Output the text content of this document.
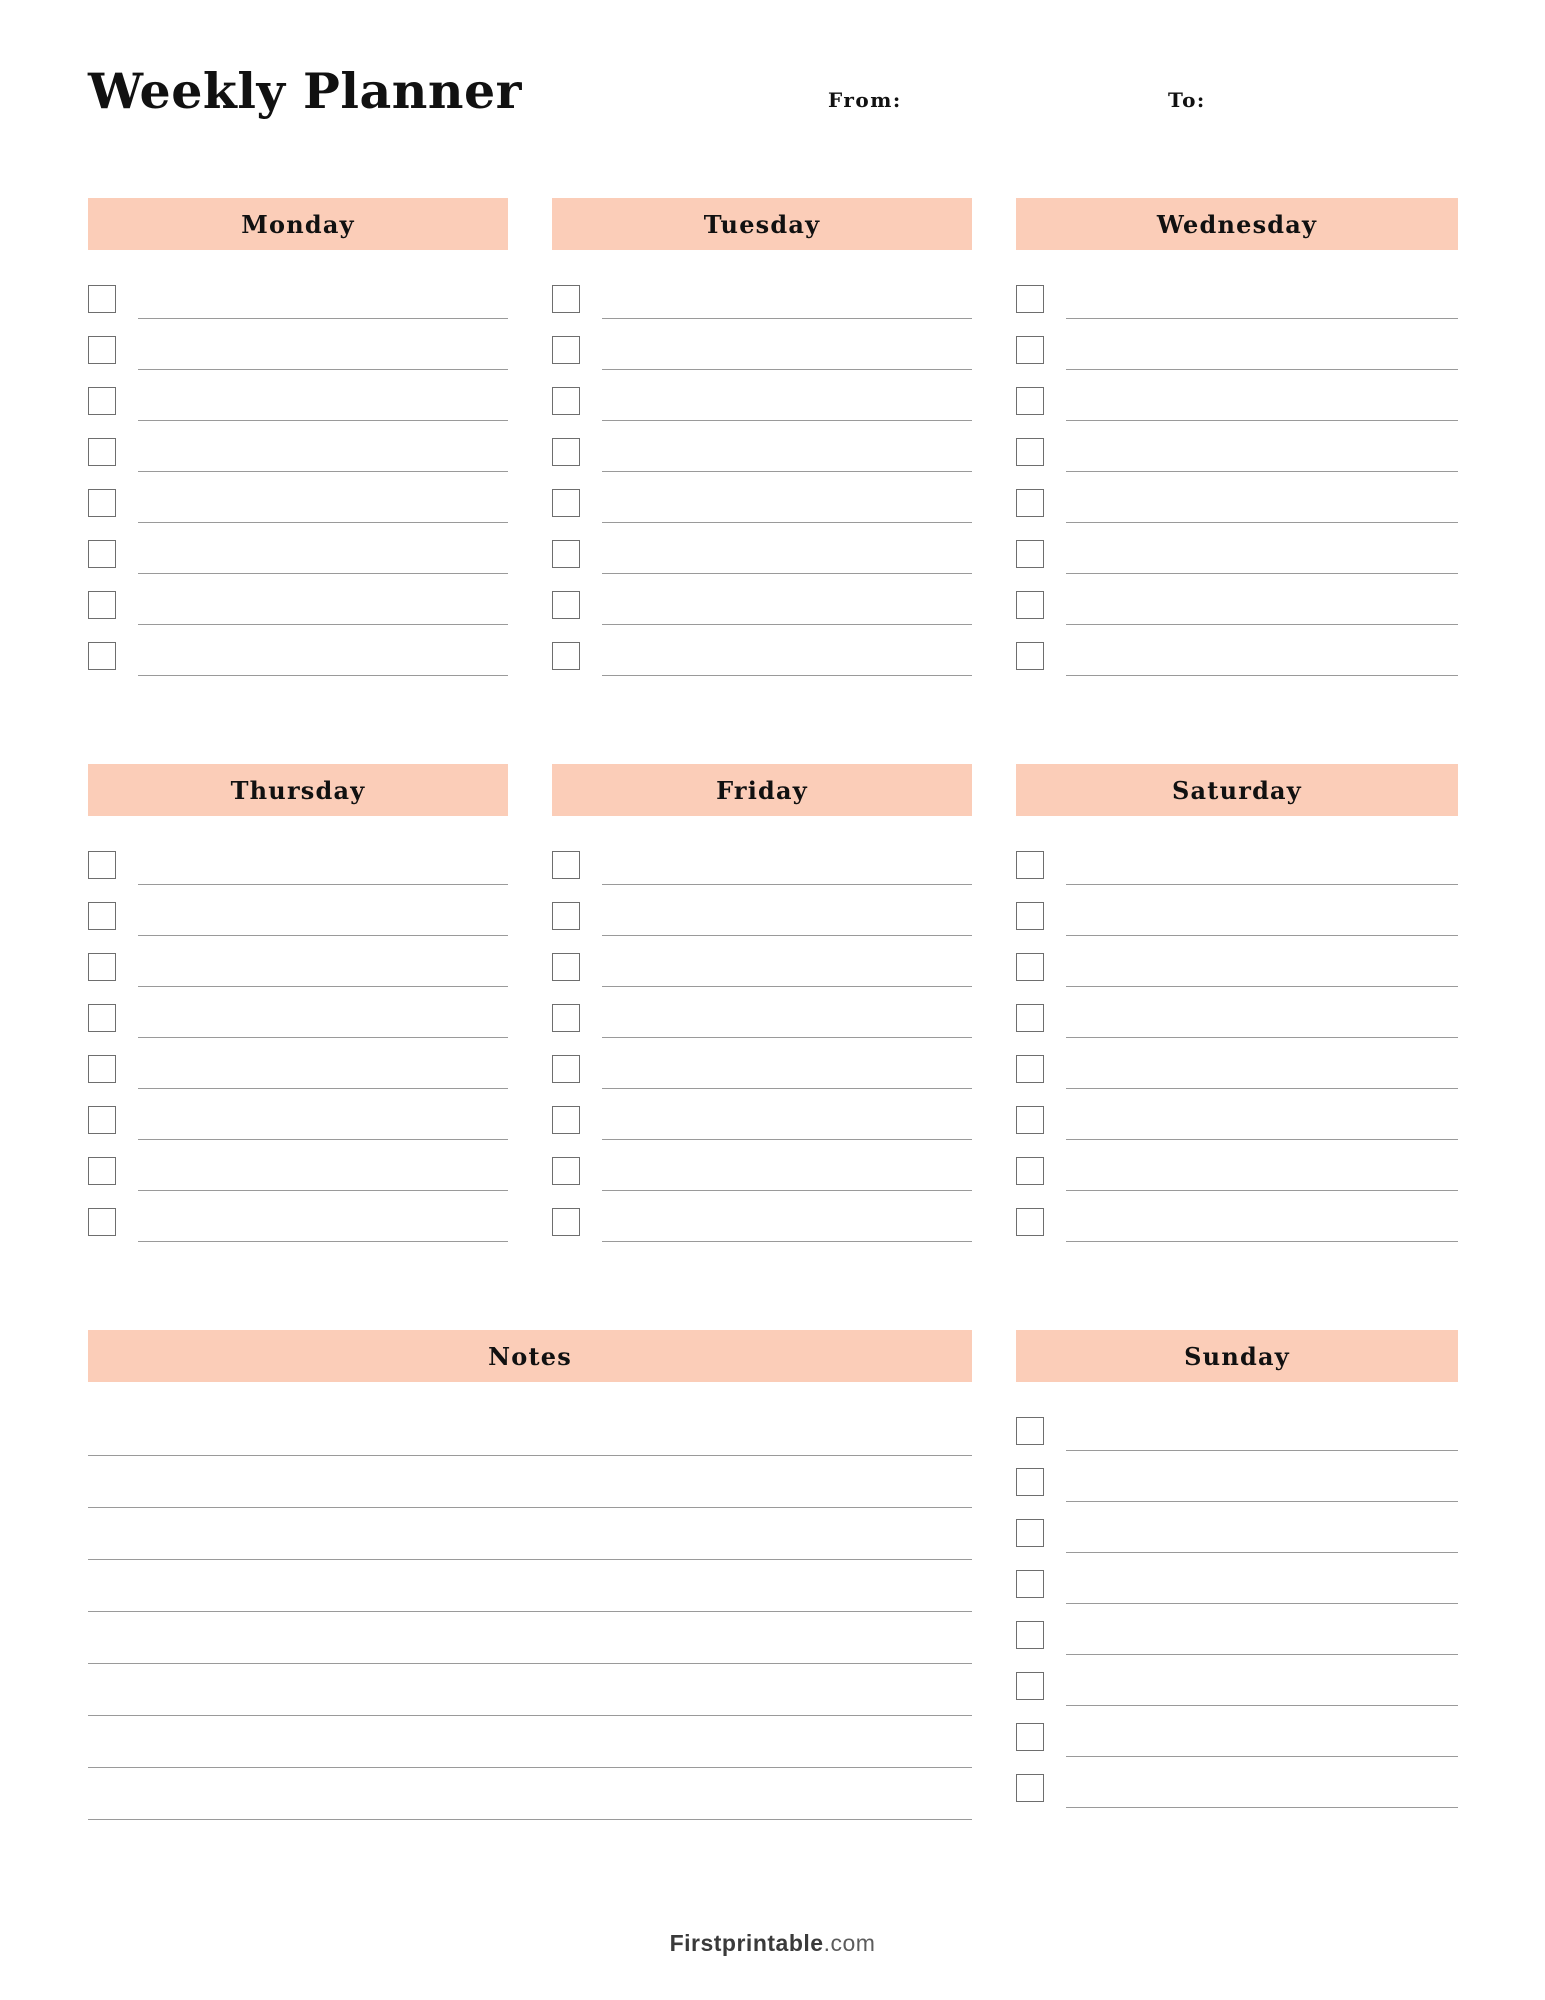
Weekly Planner	From:	To:
Monday	Tuesday	Wednesday
Thursday	Friday	Saturday
Notes	Sunday
Firstprintable.com
